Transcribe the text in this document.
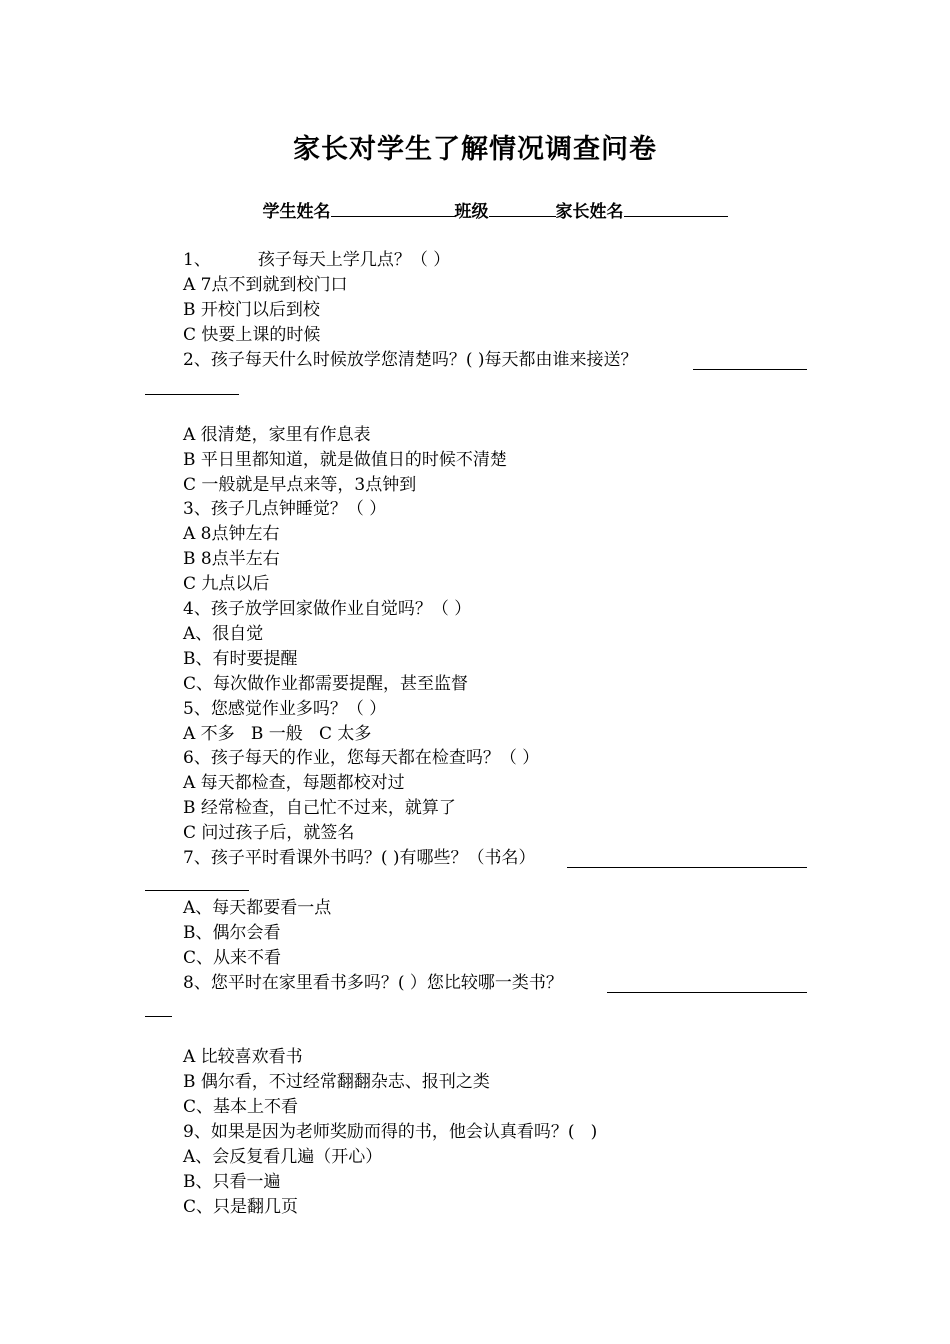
家长对学生了解情况调查问卷
学生姓名	班级	家长姓名
1、	孩子每天上学几点？（ ）
A 7点不到就到校门口
B 开校门以后到校
C 快要上课的时候
2、孩子每天什么时候放学您清楚吗？( )每天都由谁来接送？
A 很清楚，家里有作息表
B 平日里都知道，就是做值日的时候不清楚
C 一般就是早点来等，3点钟到
3、孩子几点钟睡觉？（ ）
A 8点钟左右
B 8点半左右
C 九点以后
4、孩子放学回家做作业自觉吗？（ ）
A、很自觉
B、有时要提醒
C、每次做作业都需要提醒，甚至监督
5、您感觉作业多吗？（ ）
A 不多   B 一般   C 太多
6、孩子每天的作业，您每天都在检查吗？（ ）
A 每天都检查，每题都校对过
B 经常检查，自己忙不过来，就算了
C 问过孩子后，就签名
7、孩子平时看课外书吗？( )有哪些？（书名）
A、每天都要看一点
B、偶尔会看
C、从来不看
8、您平时在家里看书多吗？( ）您比较哪一类书？
A 比较喜欢看书
B 偶尔看，不过经常翻翻杂志、报刊之类
C、基本上不看
9、如果是因为老师奖励而得的书，他会认真看吗？(   )
A、会反复看几遍（开心）
B、只看一遍
C、只是翻几页
